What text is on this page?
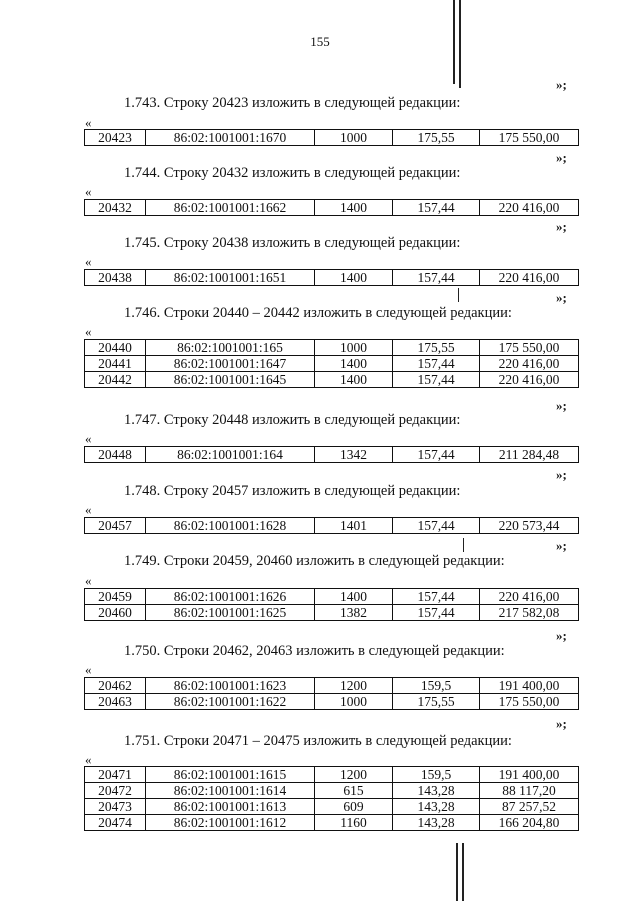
155
»;
1.743. Строку 20423 изложить в следующей редакции:
«
20423	86:02:1001001:1670	1000	175,55	175 550,00
»;
1.744. Строку 20432 изложить в следующей редакции:
«
20432	86:02:1001001:1662	1400	157,44	220 416,00
»;
1.745. Строку 20438 изложить в следующей редакции:
«
20438	86:02:1001001:1651	1400	157,44	220 416,00
»;
1.746. Строки 20440 – 20442 изложить в следующей редакции:
«
20440	86:02:1001001:165	1000	175,55	175 550,00
20441	86:02:1001001:1647	1400	157,44	220 416,00
20442	86:02:1001001:1645	1400	157,44	220 416,00
»;
1.747. Строку 20448 изложить в следующей редакции:
«
20448	86:02:1001001:164	1342	157,44	211 284,48
»;
1.748. Строку 20457 изложить в следующей редакции:
«
20457	86:02:1001001:1628	1401	157,44	220 573,44
»;
1.749. Строки 20459, 20460 изложить в следующей редакции:
«
20459	86:02:1001001:1626	1400	157,44	220 416,00
20460	86:02:1001001:1625	1382	157,44	217 582,08
»;
1.750. Строки 20462, 20463 изложить в следующей редакции:
«
20462	86:02:1001001:1623	1200	159,5	191 400,00
20463	86:02:1001001:1622	1000	175,55	175 550,00
»;
1.751. Строки 20471 – 20475 изложить в следующей редакции:
«
20471	86:02:1001001:1615	1200	159,5	191 400,00
20472	86:02:1001001:1614	615	143,28	88 117,20
20473	86:02:1001001:1613	609	143,28	87 257,52
20474	86:02:1001001:1612	1160	143,28	166 204,80
